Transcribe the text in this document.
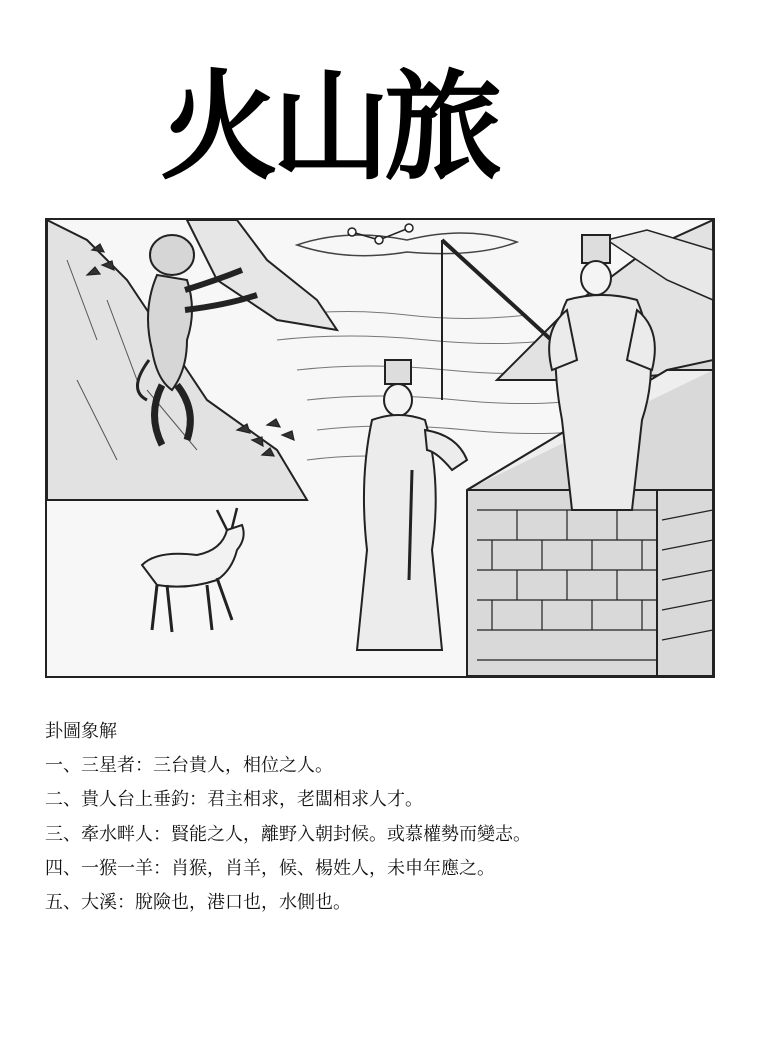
火山旅
卦圖象解
一、三星者：三台貴人，相位之人。
二、貴人台上垂釣：君主相求，老闆相求人才。
三、牽水畔人：賢能之人，離野入朝封候。或慕權勢而變志。
四、一猴一羊：肖猴，肖羊，候、楊姓人，未申年應之。
五、大溪：脫險也，港口也，水側也。
